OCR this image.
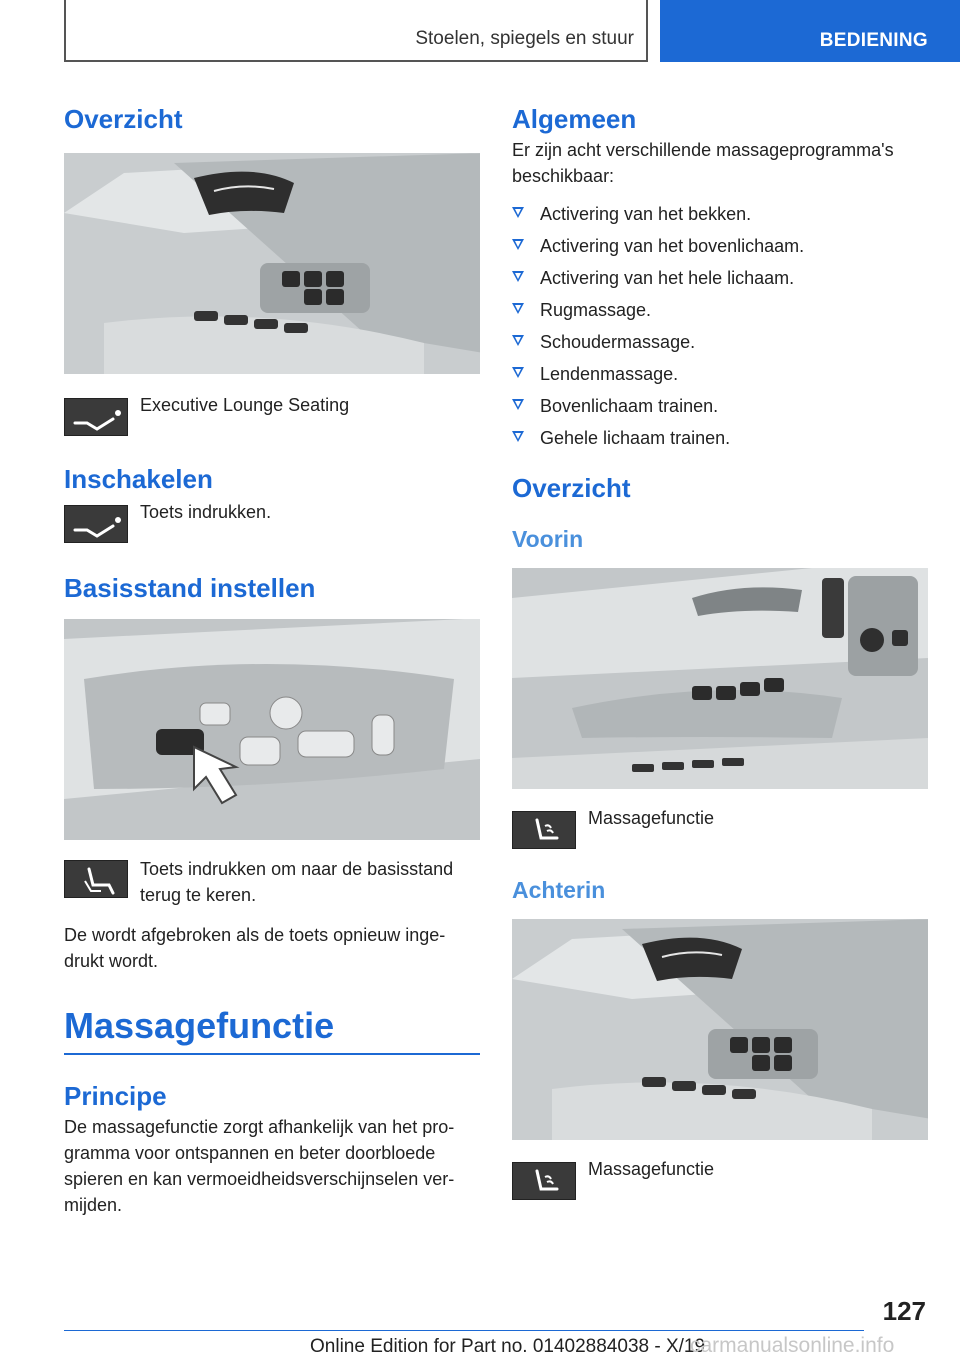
Stoelen, spiegels en stuur	BEDIENING
Overzicht
Executive Lounge Seating
Inschakelen
Toets indrukken.
Basisstand instellen
Toets indrukken om naar de basisstand terug te keren.

De wordt afgebroken als de toets opnieuw inge- drukt wordt.

Massagefunctie
Principe

De massagefunctie zorgt afhankelijk van het pro- gramma voor ontspannen en beter doorbloede spieren en kan vermoeidheidsverschijnselen ver- mijden.

Algemeen

Er zijn acht verschillende massageprogramma's beschikbaar:

Activering van het bekken.
Activering van het bovenlichaam.
Activering van het hele lichaam.
Rugmassage.
Schoudermassage.
Lendenmassage.
Bovenlichaam trainen.
Gehele lichaam trainen.
Overzicht
Voorin
Massagefunctie
Achterin
Massagefunctie
127
Online Edition for Part no. 01402884038 - X/19
carmanualsonline.info
